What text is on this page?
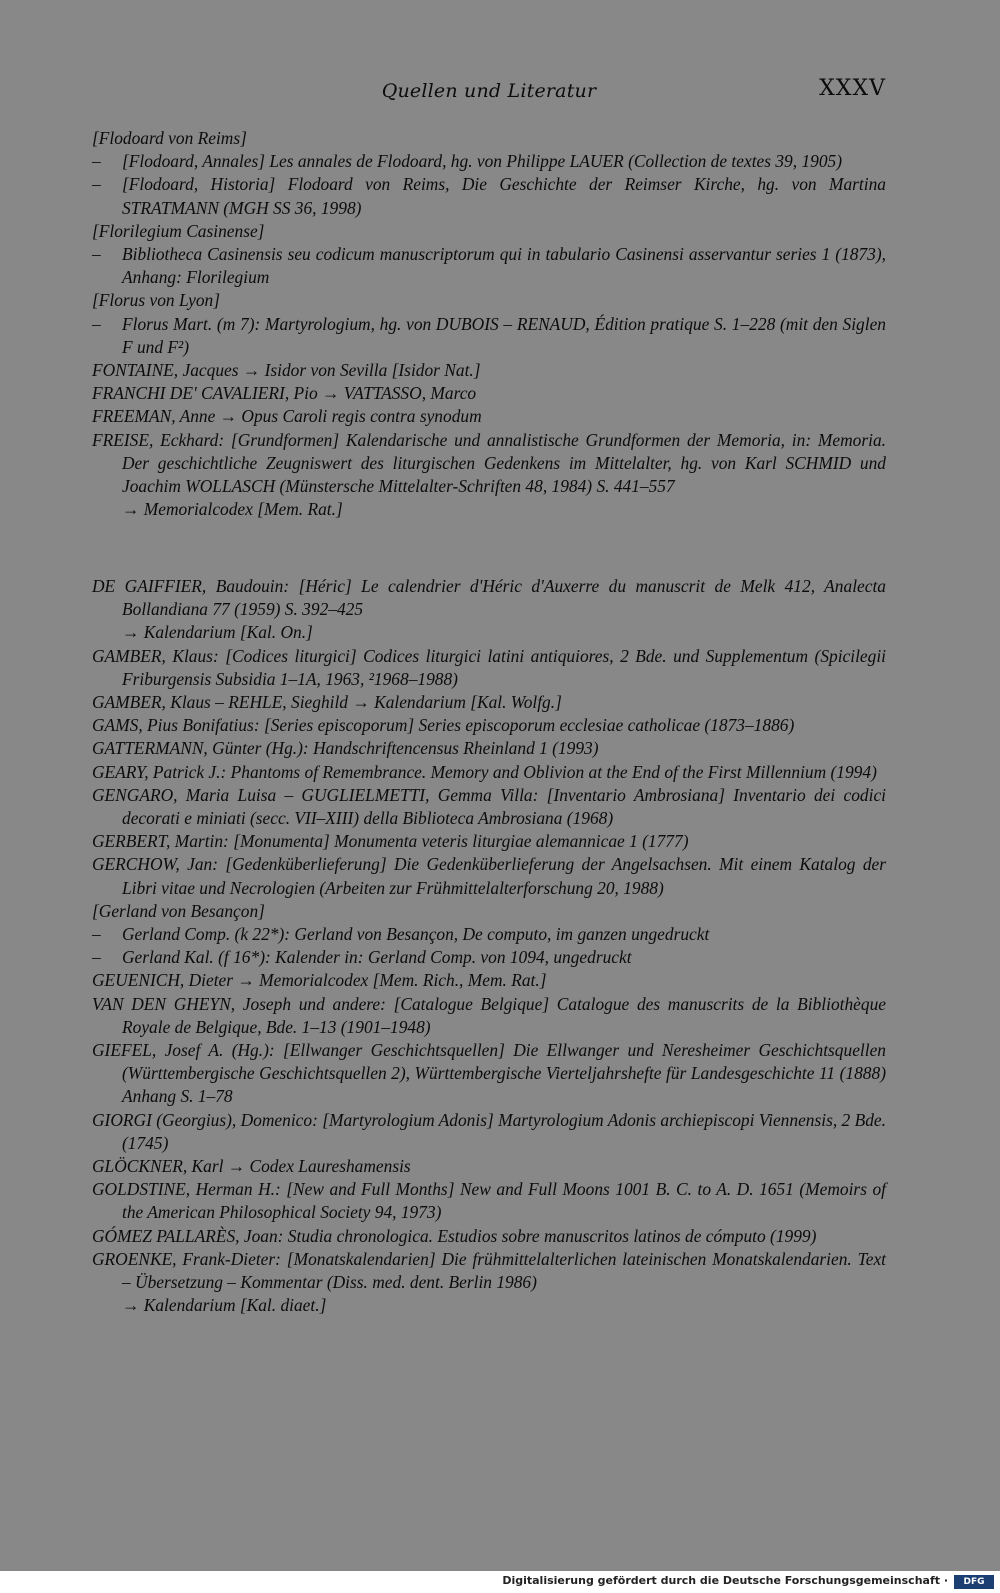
Quellen und Literatur	XXXV

[Flodoard von Reims]

– [Flodoard, Annales] Les annales de Flodoard, hg. von Philippe LAUER (Collection de textes 39, 1905)

– [Flodoard, Historia] Flodoard von Reims, Die Geschichte der Reimser Kirche, hg. von Martina STRATMANN (MGH SS 36, 1998)

[Florilegium Casinense]

– Bibliotheca Casinensis seu codicum manuscriptorum qui in tabulario Casinensi asservantur series 1 (1873), Anhang: Florilegium

[Florus von Lyon]

– Florus Mart. (m 7): Martyrologium, hg. von DUBOIS – RENAUD, Édition pratique S. 1–228 (mit den Siglen F und F²)

FONTAINE, Jacques → Isidor von Sevilla [Isidor Nat.]

FRANCHI DE' CAVALIERI, Pio → VATTASSO, Marco

FREEMAN, Anne → Opus Caroli regis contra synodum

FREISE, Eckhard: [Grundformen] Kalendarische und annalistische Grundformen der Memoria, in: Memoria. Der geschichtliche Zeugniswert des liturgischen Gedenkens im Mittelalter, hg. von Karl SCHMID und Joachim WOLLASCH (Münstersche Mittelalter-Schriften 48, 1984) S. 441–557

→ Memorialcodex [Mem. Rat.]

DE GAIFFIER, Baudouin: [Héric] Le calendrier d'Héric d'Auxerre du manuscrit de Melk 412, Analecta Bollandiana 77 (1959) S. 392–425

→ Kalendarium [Kal. On.]

GAMBER, Klaus: [Codices liturgici] Codices liturgici latini antiquiores, 2 Bde. und Supplementum (Spicilegii Friburgensis Subsidia 1–1A, 1963, ²1968–1988)

GAMBER, Klaus – REHLE, Sieghild → Kalendarium [Kal. Wolfg.]

GAMS, Pius Bonifatius: [Series episcoporum] Series episcoporum ecclesiae catholicae (1873–1886)

GATTERMANN, Günter (Hg.): Handschriftencensus Rheinland 1 (1993)

GEARY, Patrick J.: Phantoms of Remembrance. Memory and Oblivion at the End of the First Millennium (1994)

GENGARO, Maria Luisa – GUGLIELMETTI, Gemma Villa: [Inventario Ambrosiana] Inventario dei codici decorati e miniati (secc. VII–XIII) della Biblioteca Ambrosiana (1968)

GERBERT, Martin: [Monumenta] Monumenta veteris liturgiae alemannicae 1 (1777)

GERCHOW, Jan: [Gedenküberlieferung] Die Gedenküberlieferung der Angelsachsen. Mit einem Katalog der Libri vitae und Necrologien (Arbeiten zur Frühmittelalterforschung 20, 1988)

[Gerland von Besançon]

– Gerland Comp. (k 22*): Gerland von Besançon, De computo, im ganzen ungedruckt

– Gerland Kal. (f 16*): Kalender in: Gerland Comp. von 1094, ungedruckt

GEUENICH, Dieter → Memorialcodex [Mem. Rich., Mem. Rat.]

VAN DEN GHEYN, Joseph und andere: [Catalogue Belgique] Catalogue des manuscrits de la Bibliothèque Royale de Belgique, Bde. 1–13 (1901–1948)

GIEFEL, Josef A. (Hg.): [Ellwanger Geschichtsquellen] Die Ellwanger und Neresheimer Geschichtsquellen (Württembergische Geschichtsquellen 2), Württembergische Vierteljahrshefte für Landesgeschichte 11 (1888) Anhang S. 1–78

GIORGI (Georgius), Domenico: [Martyrologium Adonis] Martyrologium Adonis archiepiscopi Viennensis, 2 Bde. (1745)

GLÖCKNER, Karl → Codex Laureshamensis

GOLDSTINE, Herman H.: [New and Full Months] New and Full Moons 1001 B. C. to A. D. 1651 (Memoirs of the American Philosophical Society 94, 1973)

GÓMEZ PALLARÈS, Joan: Studia chronologica. Estudios sobre manuscritos latinos de cómputo (1999)

GROENKE, Frank-Dieter: [Monatskalendarien] Die frühmittelalterlichen lateinischen Monatskalendarien. Text – Übersetzung – Kommentar (Diss. med. dent. Berlin 1986)

→ Kalendarium [Kal. diaet.]

Digitalisierung gefördert durch die Deutsche Forschungsgemeinschaft ·	DFG
